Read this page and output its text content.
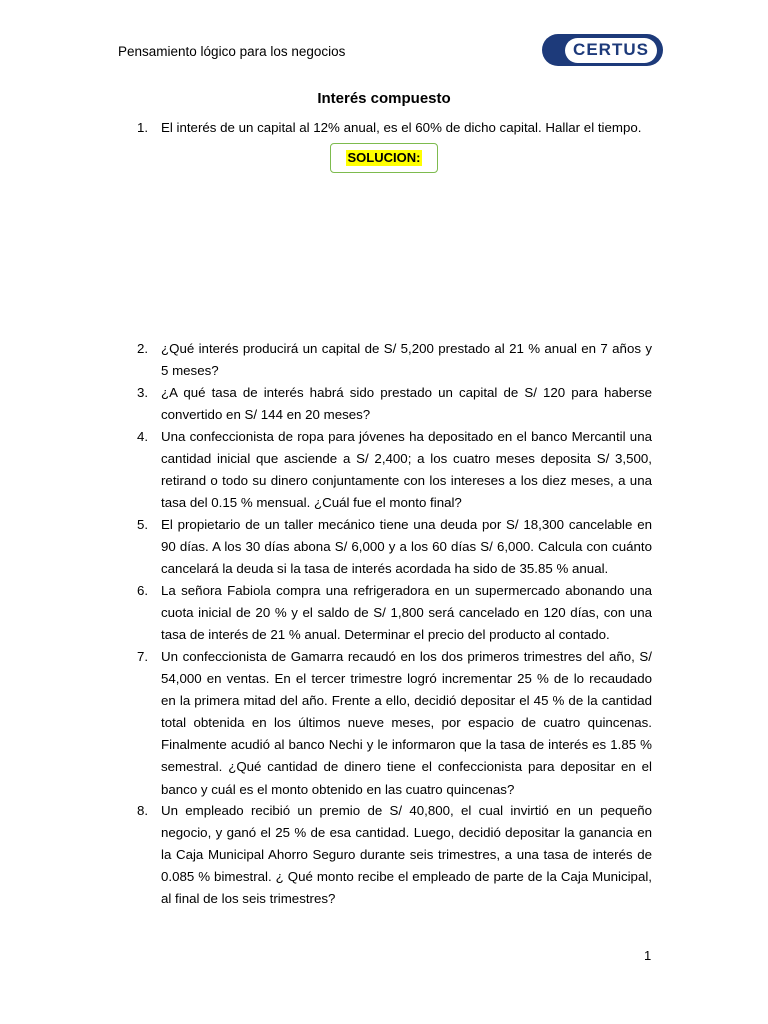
Pensamiento lógico para los negocios	CERTUS
Interés compuesto
1. El interés de un capital al 12% anual, es el 60% de dicho capital. Hallar el tiempo.
SOLUCION:
2. ¿Qué interés producirá un capital de S/ 5,200 prestado al 21 % anual en 7 años y 5 meses?
3. ¿A qué tasa de interés habrá sido prestado un capital de S/ 120 para haberse convertido en S/ 144 en 20 meses?
4. Una confeccionista de ropa para jóvenes ha depositado en el banco Mercantil una cantidad inicial que asciende a S/ 2,400; a los cuatro meses deposita S/ 3,500, retirand o todo su dinero conjuntamente con los intereses a los diez meses, a una tasa del 0.15 % mensual. ¿Cuál fue el monto final?
5. El propietario de un taller mecánico tiene una deuda por S/ 18,300 cancelable en 90 días. A los 30 días abona S/ 6,000 y a los 60 días S/ 6,000. Calcula con cuánto cancelará la deuda si la tasa de interés acordada ha sido de 35.85 % anual.
6. La señora Fabiola compra una refrigeradora en un supermercado abonando una cuota inicial de 20 % y el saldo de S/ 1,800 será cancelado en 120 días, con una tasa de interés de 21 % anual. Determinar el precio del producto al contado.
7. Un confeccionista de Gamarra recaudó en los dos primeros trimestres del año, S/ 54,000 en ventas. En el tercer trimestre logró incrementar 25 % de lo recaudado en la primera mitad del año. Frente a ello, decidió depositar el 45 % de la cantidad total obtenida en los últimos nueve meses, por espacio de cuatro quincenas. Finalmente acudió al banco Nechi y le informaron que la tasa de interés es 1.85 % semestral. ¿Qué cantidad de dinero tiene el confeccionista para depositar en el banco y cuál es el monto obtenido en las cuatro quincenas?
8. Un empleado recibió un premio de S/ 40,800, el cual invirtió en un pequeño negocio, y ganó el 25 % de esa cantidad. Luego, decidió depositar la ganancia en la Caja Municipal Ahorro Seguro durante seis trimestres, a una tasa de interés de 0.085 % bimestral. ¿ Qué monto recibe el empleado de parte de la Caja Municipal, al final de los seis trimestres?
1
